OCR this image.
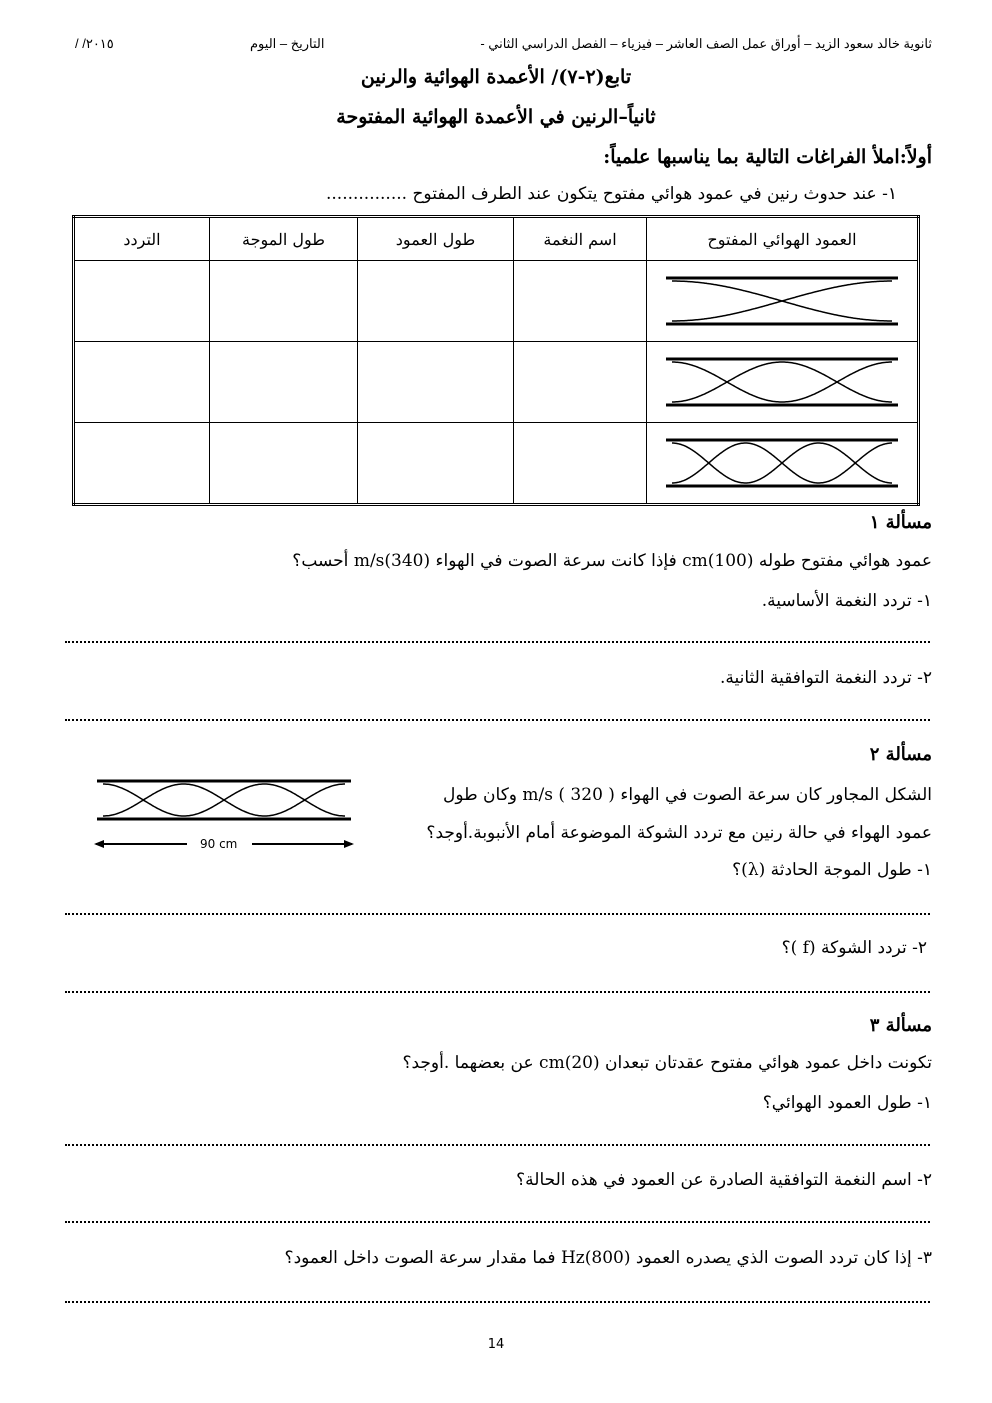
ثانوية خالد سعود الزيد – أوراق عمل الصف العاشر – فيزياء – الفصل الدراسي الثاني -
التاريخ – اليوم
/ /٢٠١٥
تابع(٢-٧)/ الأعمدة الهوائية والرنين
ثانياً–الرنين في الأعمدة الهوائية المفتوحة
أولاً:املأ الفراغات التالية بما يناسبها علمياً:
١- عند حدوث رنين في عمود هوائي مفتوح يتكون عند الطرف المفتوح ...............
العمود الهوائي المفتوح	اسم النغمة	طول العمود	طول الموجة	التردد

مسألة ١
عمود هوائي مفتوح طوله (100)cm فإذا كانت سرعة الصوت في الهواء (340)m/s أحسب؟
١- تردد النغمة الأساسية.
٢- تردد النغمة التوافقية الثانية.
مسألة ٢
الشكل المجاور كان سرعة الصوت في الهواء m/s ( 320 ) وكان طول
عمود الهواء في حالة رنين مع تردد الشوكة الموضوعة أمام الأنبوبة.أوجد؟
١- طول الموجة الحادثة (λ)؟
90 cm
٢- تردد الشوكة (f )؟
مسألة ٣
تكونت داخل عمود هوائي مفتوح عقدتان تبعدان (20)cm عن بعضهما .أوجد؟
١- طول العمود الهوائي؟
٢- اسم النغمة التوافقية الصادرة عن العمود في هذه الحالة؟
٣- إذا كان تردد الصوت الذي يصدره العمود (800)Hz فما مقدار سرعة الصوت داخل العمود؟
14
